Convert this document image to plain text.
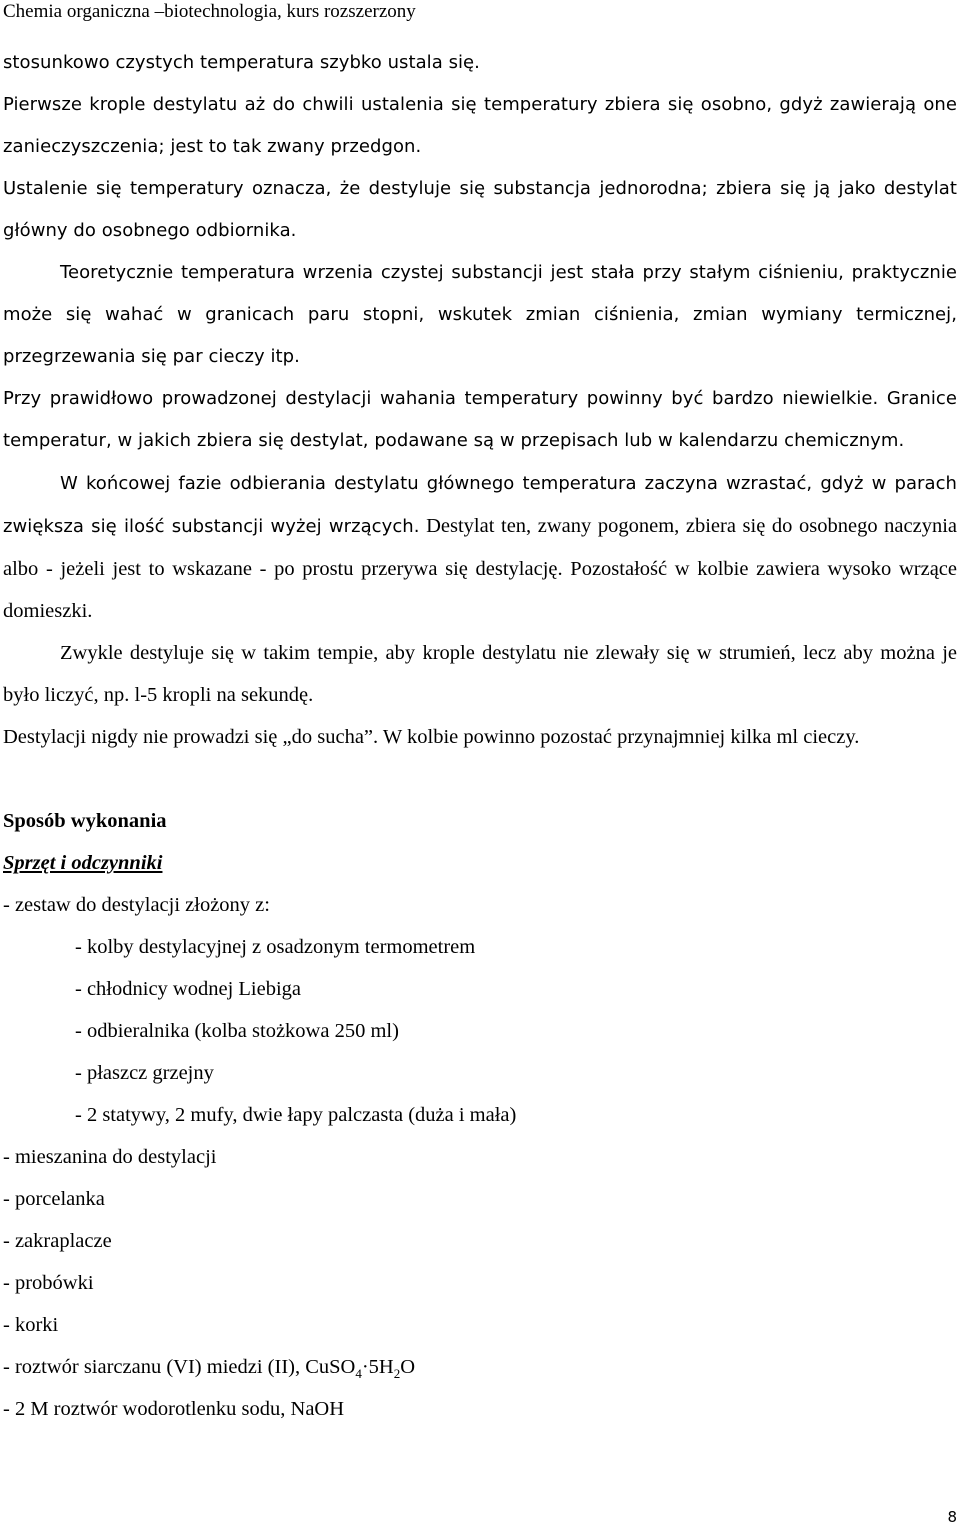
Chemia organiczna –biotechnologia, kurs rozszerzony

stosunkowo czystych temperatura szybko ustala się.

Pierwsze krople destylatu aż do chwili ustalenia się temperatury zbiera się osobno, gdyż zawierają one zanieczyszczenia; jest to tak zwany przedgon.

Ustalenie się temperatury oznacza, że destyluje się substancja jednorodna; zbiera się ją jako destylat główny do osobnego odbiornika.

Teoretycznie temperatura wrzenia czystej substancji jest stała przy stałym ciśnieniu, praktycznie może się wahać w granicach paru stopni, wskutek zmian ciśnienia, zmian wymiany termicznej, przegrzewania się par cieczy itp.

Przy prawidłowo prowadzonej destylacji wahania temperatury powinny być bardzo niewielkie. Granice temperatur, w jakich zbiera się destylat, podawane są w przepisach lub w kalendarzu chemicznym.

W końcowej fazie odbierania destylatu głównego temperatura zaczyna wzrastać, gdyż w parach zwiększa się ilość substancji wyżej wrzących. Destylat ten, zwany pogonem, zbiera się do osobnego naczynia albo - jeżeli jest to wskazane - po prostu przerywa się destylację. Pozostałość w kolbie zawiera wysoko wrzące domieszki.

Zwykle destyluje się w takim tempie, aby krople destylatu nie zlewały się w strumień, lecz aby można je było liczyć, np. l-5 kropli na sekundę.

Destylacji nigdy nie prowadzi się „do sucha”. W kolbie powinno pozostać przynajmniej kilka ml cieczy.

Sposób wykonania

Sprzęt i odczynniki

- zestaw do destylacji złożony z:

- kolby destylacyjnej z osadzonym termometrem

- chłodnicy wodnej Liebiga

- odbieralnika (kolba stożkowa 250 ml)

- płaszcz grzejny

- 2 statywy, 2 mufy, dwie łapy palczasta (duża i mała)

- mieszanina do destylacji

- porcelanka

- zakraplacze

- probówki

- korki

- roztwór siarczanu (VI) miedzi (II), $CuSO_4\cdot 5H_2O$

- 2 M roztwór wodorotlenku sodu, NaOH

8
